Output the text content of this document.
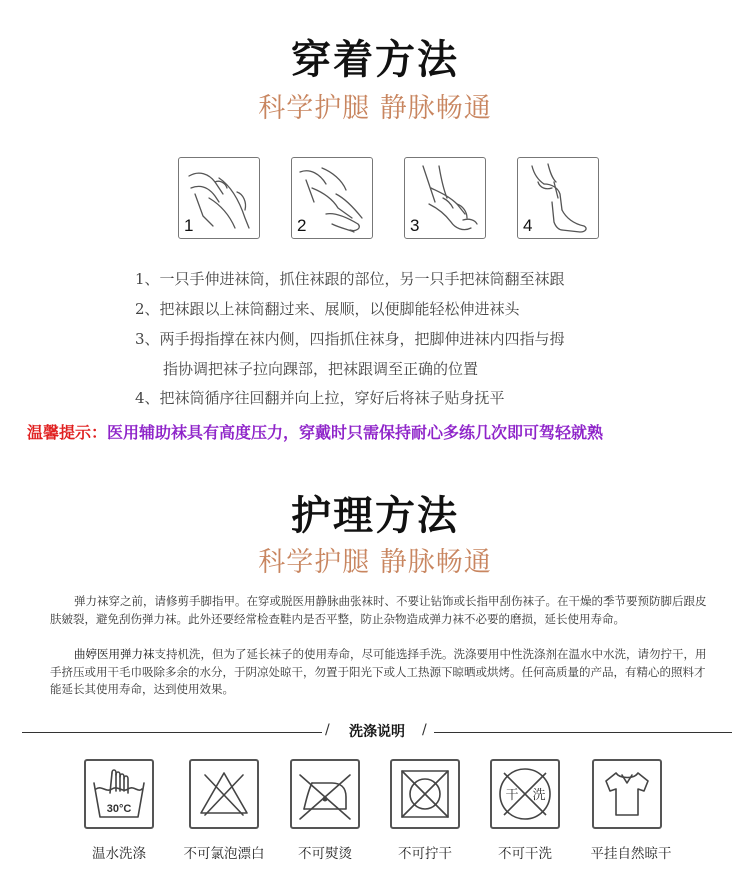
穿着方法
科学护腿 静脉畅通
1	2	3	4
1、一只手伸进袜筒，抓住袜跟的部位，另一只手把袜筒翻至袜跟
2、把袜跟以上袜筒翻过来、展顺，以便脚能轻松伸进袜头
3、两手拇指撑在袜内侧，四指抓住袜身，把脚伸进袜内四指与拇
指协调把袜子拉向踝部，把袜跟调至正确的位置
4、把袜筒循序往回翻并向上拉，穿好后将袜子贴身抚平
温馨提示：医用辅助袜具有高度压力，穿戴时只需保持耐心多练几次即可驾轻就熟
护理方法
科学护腿 静脉畅通
弹力袜穿之前，请修剪手脚指甲。在穿或脱医用静脉曲张袜时、不要让钻饰或长指甲刮伤袜子。在干燥的季节要预防脚后跟皮肤皴裂，避免刮伤弹力袜。此外还要经常检查鞋内是否平整，防止杂物造成弹力袜不必要的磨损，延长使用寿命。
曲婷医用弹力袜支持机洗，但为了延长袜子的使用寿命，尽可能选择手洗。洗涤要用中性洗涤剂在温水中水洗，请勿拧干，用手挤压或用干毛巾吸除多余的水分，于阴凉处晾干，勿置于阳光下或人工热源下晾晒或烘烤。任何高质量的产品，有精心的照料才能延长其使用寿命，达到使用效果。
/	洗涤说明	/
30°C
干 洗
温水洗涤	不可氯泡漂白	不可熨烫	不可拧干	不可干洗	平挂自然晾干
